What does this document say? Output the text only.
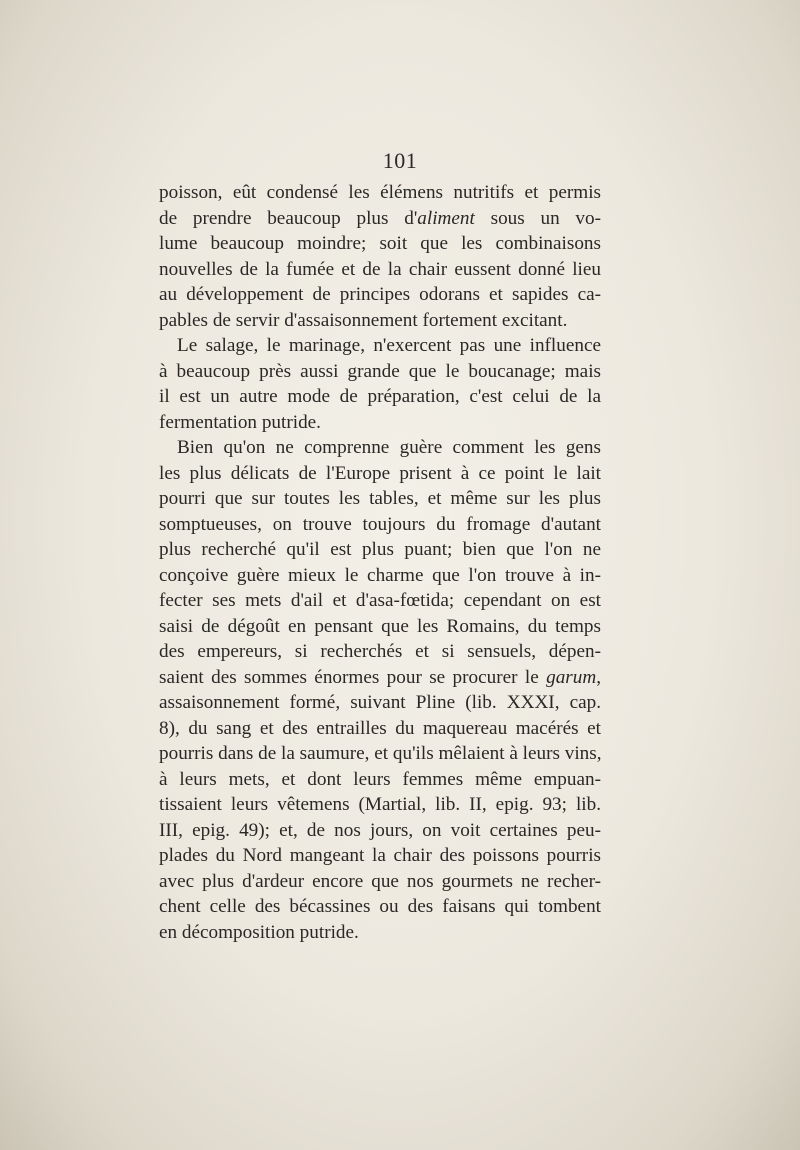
101
poisson, eût condensé les élémens nutritifs et permis
de prendre beaucoup plus d'aliment sous un vo-
lume beaucoup moindre; soit que les combinaisons
nouvelles de la fumée et de la chair eussent donné lieu
au développement de principes odorans et sapides ca-
pables de servir d'assaisonnement fortement excitant.
Le salage, le marinage, n'exercent pas une influence
à beaucoup près aussi grande que le boucanage; mais
il est un autre mode de préparation, c'est celui de la
fermentation putride.
Bien qu'on ne comprenne guère comment les gens
les plus délicats de l'Europe prisent à ce point le lait
pourri que sur toutes les tables, et même sur les plus
somptueuses, on trouve toujours du fromage d'autant
plus recherché qu'il est plus puant; bien que l'on ne
conçoive guère mieux le charme que l'on trouve à in-
fecter ses mets d'ail et d'asa-fœtida; cependant on est
saisi de dégoût en pensant que les Romains, du temps
des empereurs, si recherchés et si sensuels, dépen-
saient des sommes énormes pour se procurer le garum,
assaisonnement formé, suivant Pline (lib. XXXI, cap.
8), du sang et des entrailles du maquereau macérés et
pourris dans de la saumure, et qu'ils mêlaient à leurs vins,
à leurs mets, et dont leurs femmes même empuan-
tissaient leurs vêtemens (Martial, lib. II, epig. 93; lib.
III, epig. 49); et, de nos jours, on voit certaines peu-
plades du Nord mangeant la chair des poissons pourris
avec plus d'ardeur encore que nos gourmets ne recher-
chent celle des bécassines ou des faisans qui tombent
en décomposition putride.
